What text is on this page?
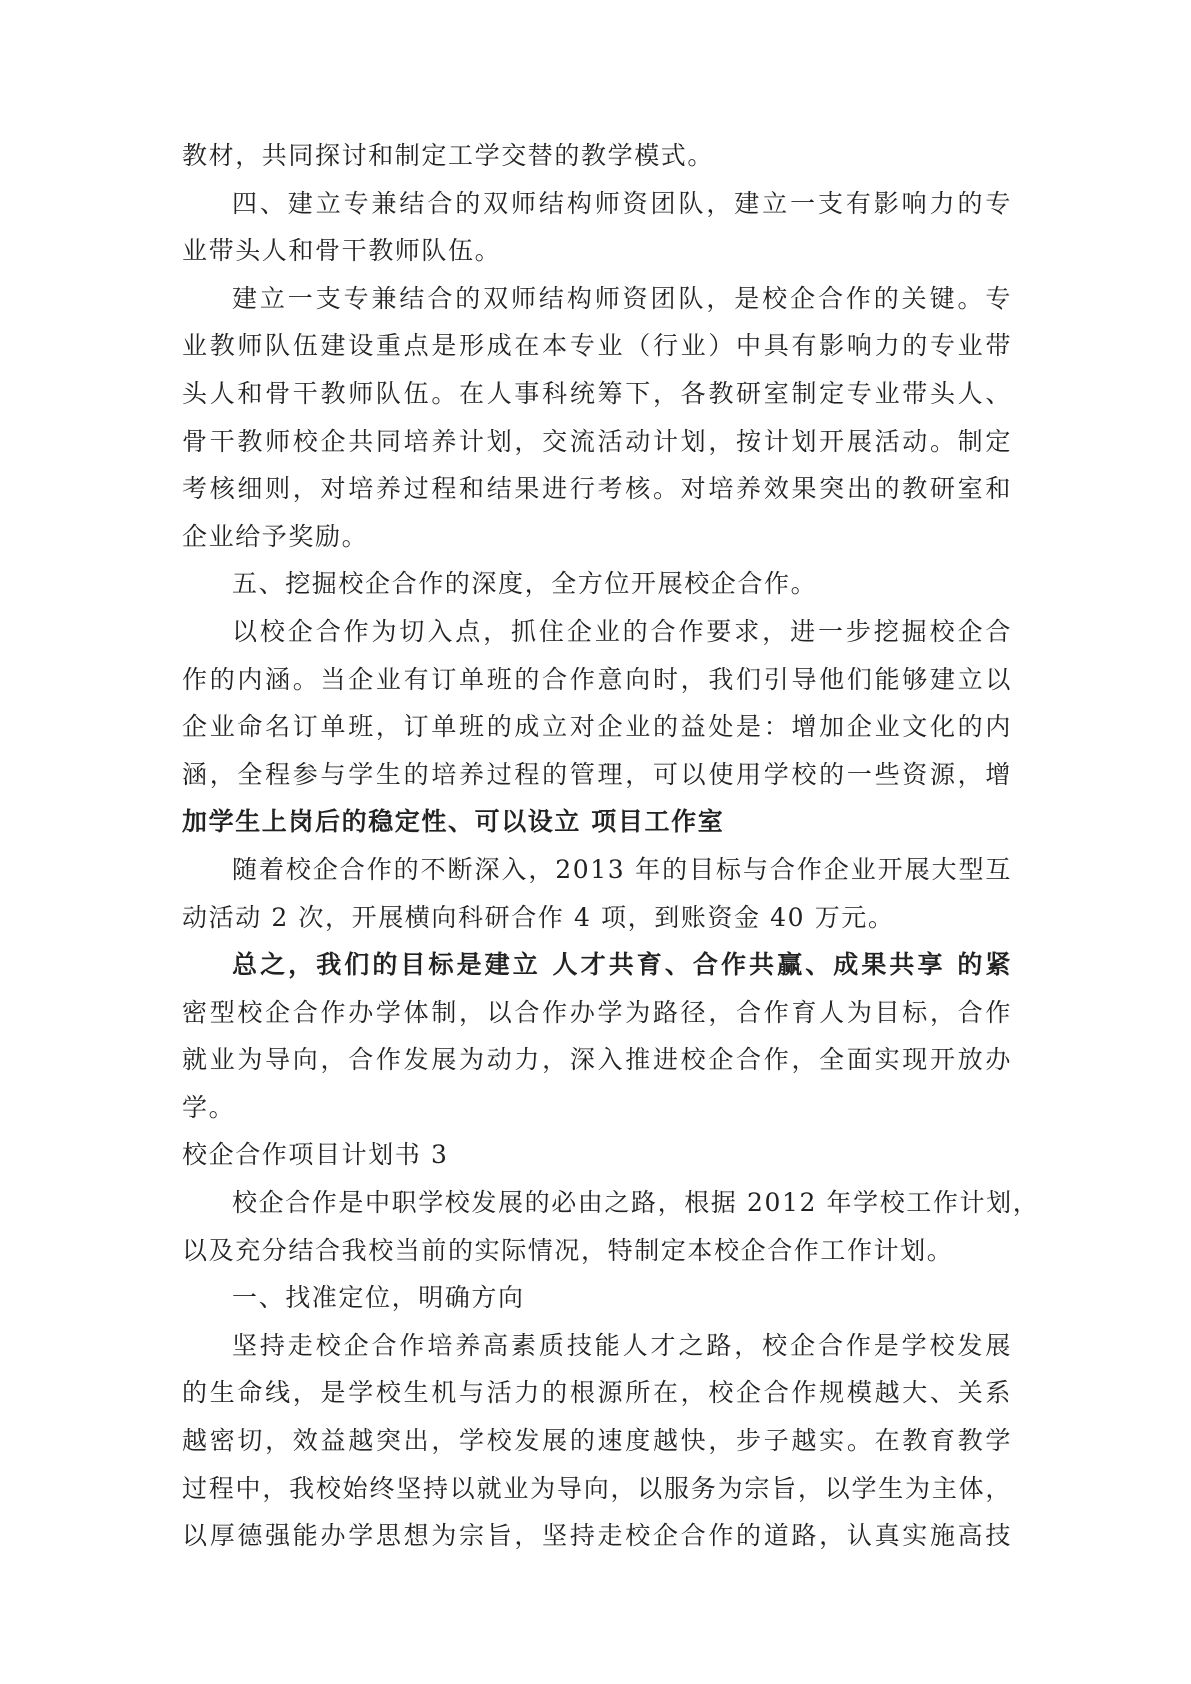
教材，共同探讨和制定工学交替的教学模式。
四、建立专兼结合的双师结构师资团队，建立一支有影响力的专
业带头人和骨干教师队伍。
建立一支专兼结合的双师结构师资团队，是校企合作的关键。专
业教师队伍建设重点是形成在本专业（行业）中具有影响力的专业带
头人和骨干教师队伍。在人事科统筹下，各教研室制定专业带头人、
骨干教师校企共同培养计划，交流活动计划，按计划开展活动。制定
考核细则，对培养过程和结果进行考核。对培养效果突出的教研室和
企业给予奖励。
五、挖掘校企合作的深度，全方位开展校企合作。
以校企合作为切入点，抓住企业的合作要求，进一步挖掘校企合
作的内涵。当企业有订单班的合作意向时，我们引导他们能够建立以
企业命名订单班，订单班的成立对企业的益处是：增加企业文化的内
涵，全程参与学生的培养过程的管理，可以使用学校的一些资源，增
加学生上岗后的稳定性、可以设立 项目工作室
随着校企合作的不断深入，2013 年的目标与合作企业开展大型互
动活动 2 次，开展横向科研合作 4 项，到账资金 40 万元。
总之，我们的目标是建立 人才共育、合作共赢、成果共享 的紧
密型校企合作办学体制，以合作办学为路径，合作育人为目标，合作
就业为导向，合作发展为动力，深入推进校企合作，全面实现开放办
学。
校企合作项目计划书 3
校企合作是中职学校发展的必由之路，根据 2012 年学校工作计划，
以及充分结合我校当前的实际情况，特制定本校企合作工作计划。
一、找准定位，明确方向
坚持走校企合作培养高素质技能人才之路，校企合作是学校发展
的生命线，是学校生机与活力的根源所在，校企合作规模越大、关系
越密切，效益越突出，学校发展的速度越快，步子越实。在教育教学
过程中，我校始终坚持以就业为导向，以服务为宗旨，以学生为主体，
以厚德强能办学思想为宗旨，坚持走校企合作的道路，认真实施高技
